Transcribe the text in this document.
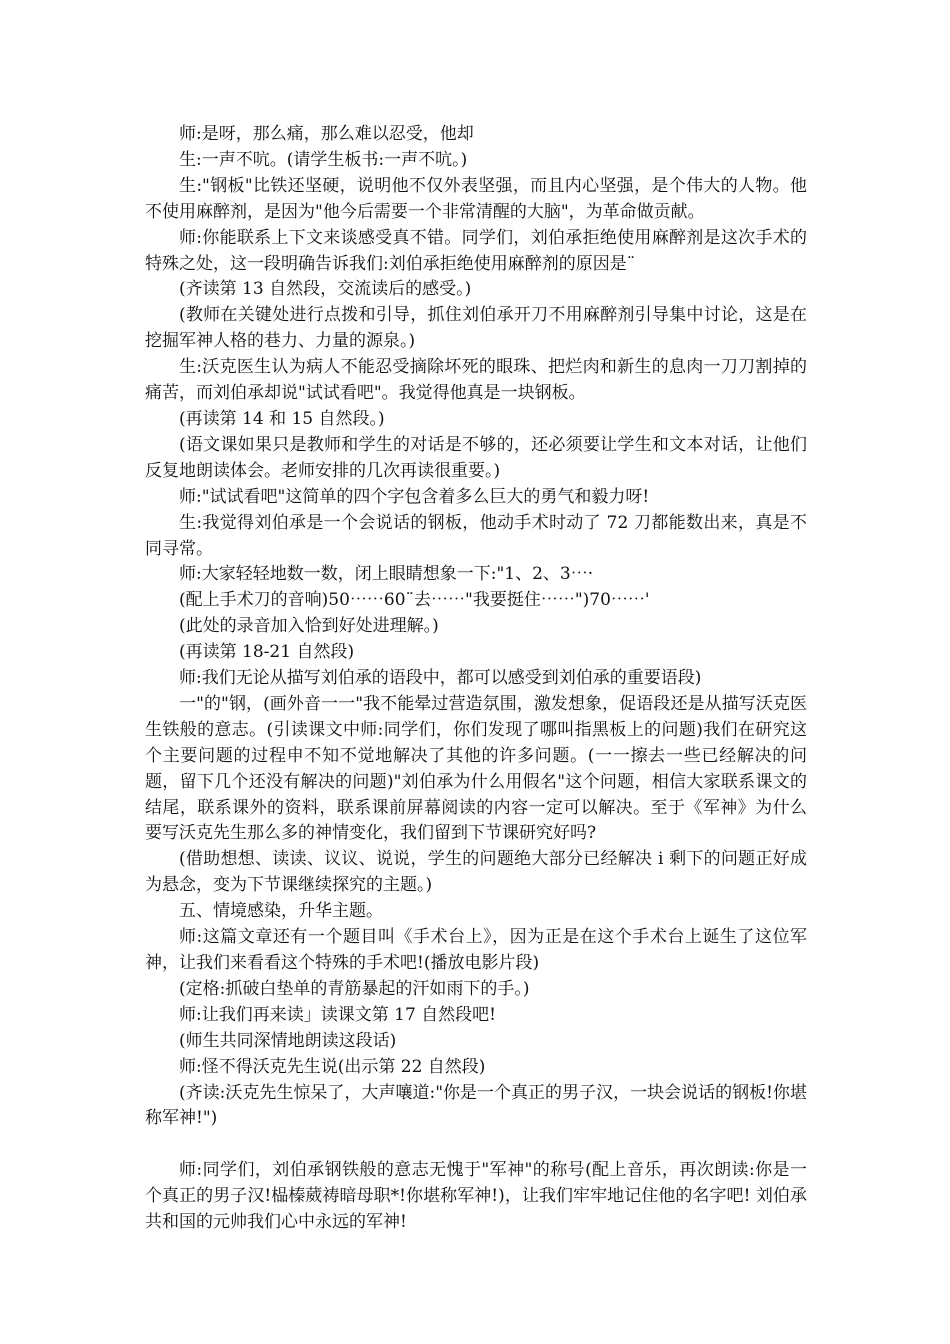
师:是呀，那么痛，那么难以忍受，他却

生:一声不吭。(请学生板书:一声不吭。)

生:"钢板"比铁还坚硬，说明他不仅外表坚强，而且内心坚强，是个伟大的人物。他不使用麻醉剂，是因为"他今后需要一个非常清醒的大脑"，为革命做贡献。

师:你能联系上下文来谈感受真不错。同学们，刘伯承拒绝使用麻醉剂是这次手术的特殊之处，这一段明确告诉我们:刘伯承拒绝使用麻醉剂的原因是¨

(齐读第 13 自然段，交流读后的感受。)

(教师在关键处进行点拨和引导，抓住刘伯承开刀不用麻醉剂引导集中讨论，这是在挖掘军神人格的巷力、力量的源泉。)

生:沃克医生认为病人不能忍受摘除坏死的眼珠、把烂肉和新生的息肉一刀刀割掉的痛苦，而刘伯承却说"试试看吧"。我觉得他真是一块钢板。

(再读第 14 和 15 自然段。)

(语文课如果只是教师和学生的对话是不够的，还必须要让学生和文本对话，让他们反复地朗读体会。老师安排的几次再读很重要。)

师:"试试看吧"这简单的四个字包含着多么巨大的勇气和毅力呀!

生:我觉得刘伯承是一个会说话的钢板，他动手术时动了 72 刀都能数出来，真是不同寻常。

师:大家轻轻地数一数，闭上眼睛想象一下:"1、2、3⋯·

(配上手术刀的音响)50⋯⋯60¨去⋯⋯"我要挺住⋯⋯")70⋯⋯'

(此处的录音加入恰到好处进理解。)

(再读第 18-21 自然段)

师:我们无论从描写刘伯承的语段中，都可以感受到刘伯承的重要语段)

一"的"钢，(画外音一一"我不能晕过营造氛围，激发想象，促语段还是从描写沃克医生铁般的意志。(引读课文中师:同学们，你们发现了哪叫指黑板上的问题)我们在研究这个主要问题的过程申不知不觉地解决了其他的许多问题。(一一擦去一些已经解决的问题，留下几个还没有解决的问题)"刘伯承为什么用假名"这个问题，相信大家联系课文的结尾，联系课外的资料，联系课前屏幕阅读的内容一定可以解决。至于《军神》为什么要写沃克先生那么多的神情变化，我们留到下节课研究好吗?

(借助想想、读读、议议、说说，学生的问题绝大部分已经解决 i 剩下的问题正好成为悬念，变为下节课继续探究的主题。)

五、情境感染，升华主题。

师:这篇文章还有一个题目叫《手术台上》，因为正是在这个手术台上诞生了这位军神，让我们来看看这个特殊的手术吧!(播放电影片段)

(定格:抓破白垫单的青筋暴起的汗如雨下的手。)

师:让我们再来读」读课文第 17 自然段吧!

(师生共同深情地朗读这段话)

师:怪不得沃克先生说(出示第 22 自然段)

(齐读:沃克先生惊呆了，大声嚷道:"你是一个真正的男子汉，一块会说话的钢板!你堪称军神!")

师:同学们，刘伯承钢铁般的意志无愧于"军神"的称号(配上音乐，再次朗读:你是一个真正的男子汉!榀榛葳祷暗母职*!你堪称军神!)，让我们牢牢地记住他的名字吧! 刘伯承共和国的元帅我们心中永远的军神!
